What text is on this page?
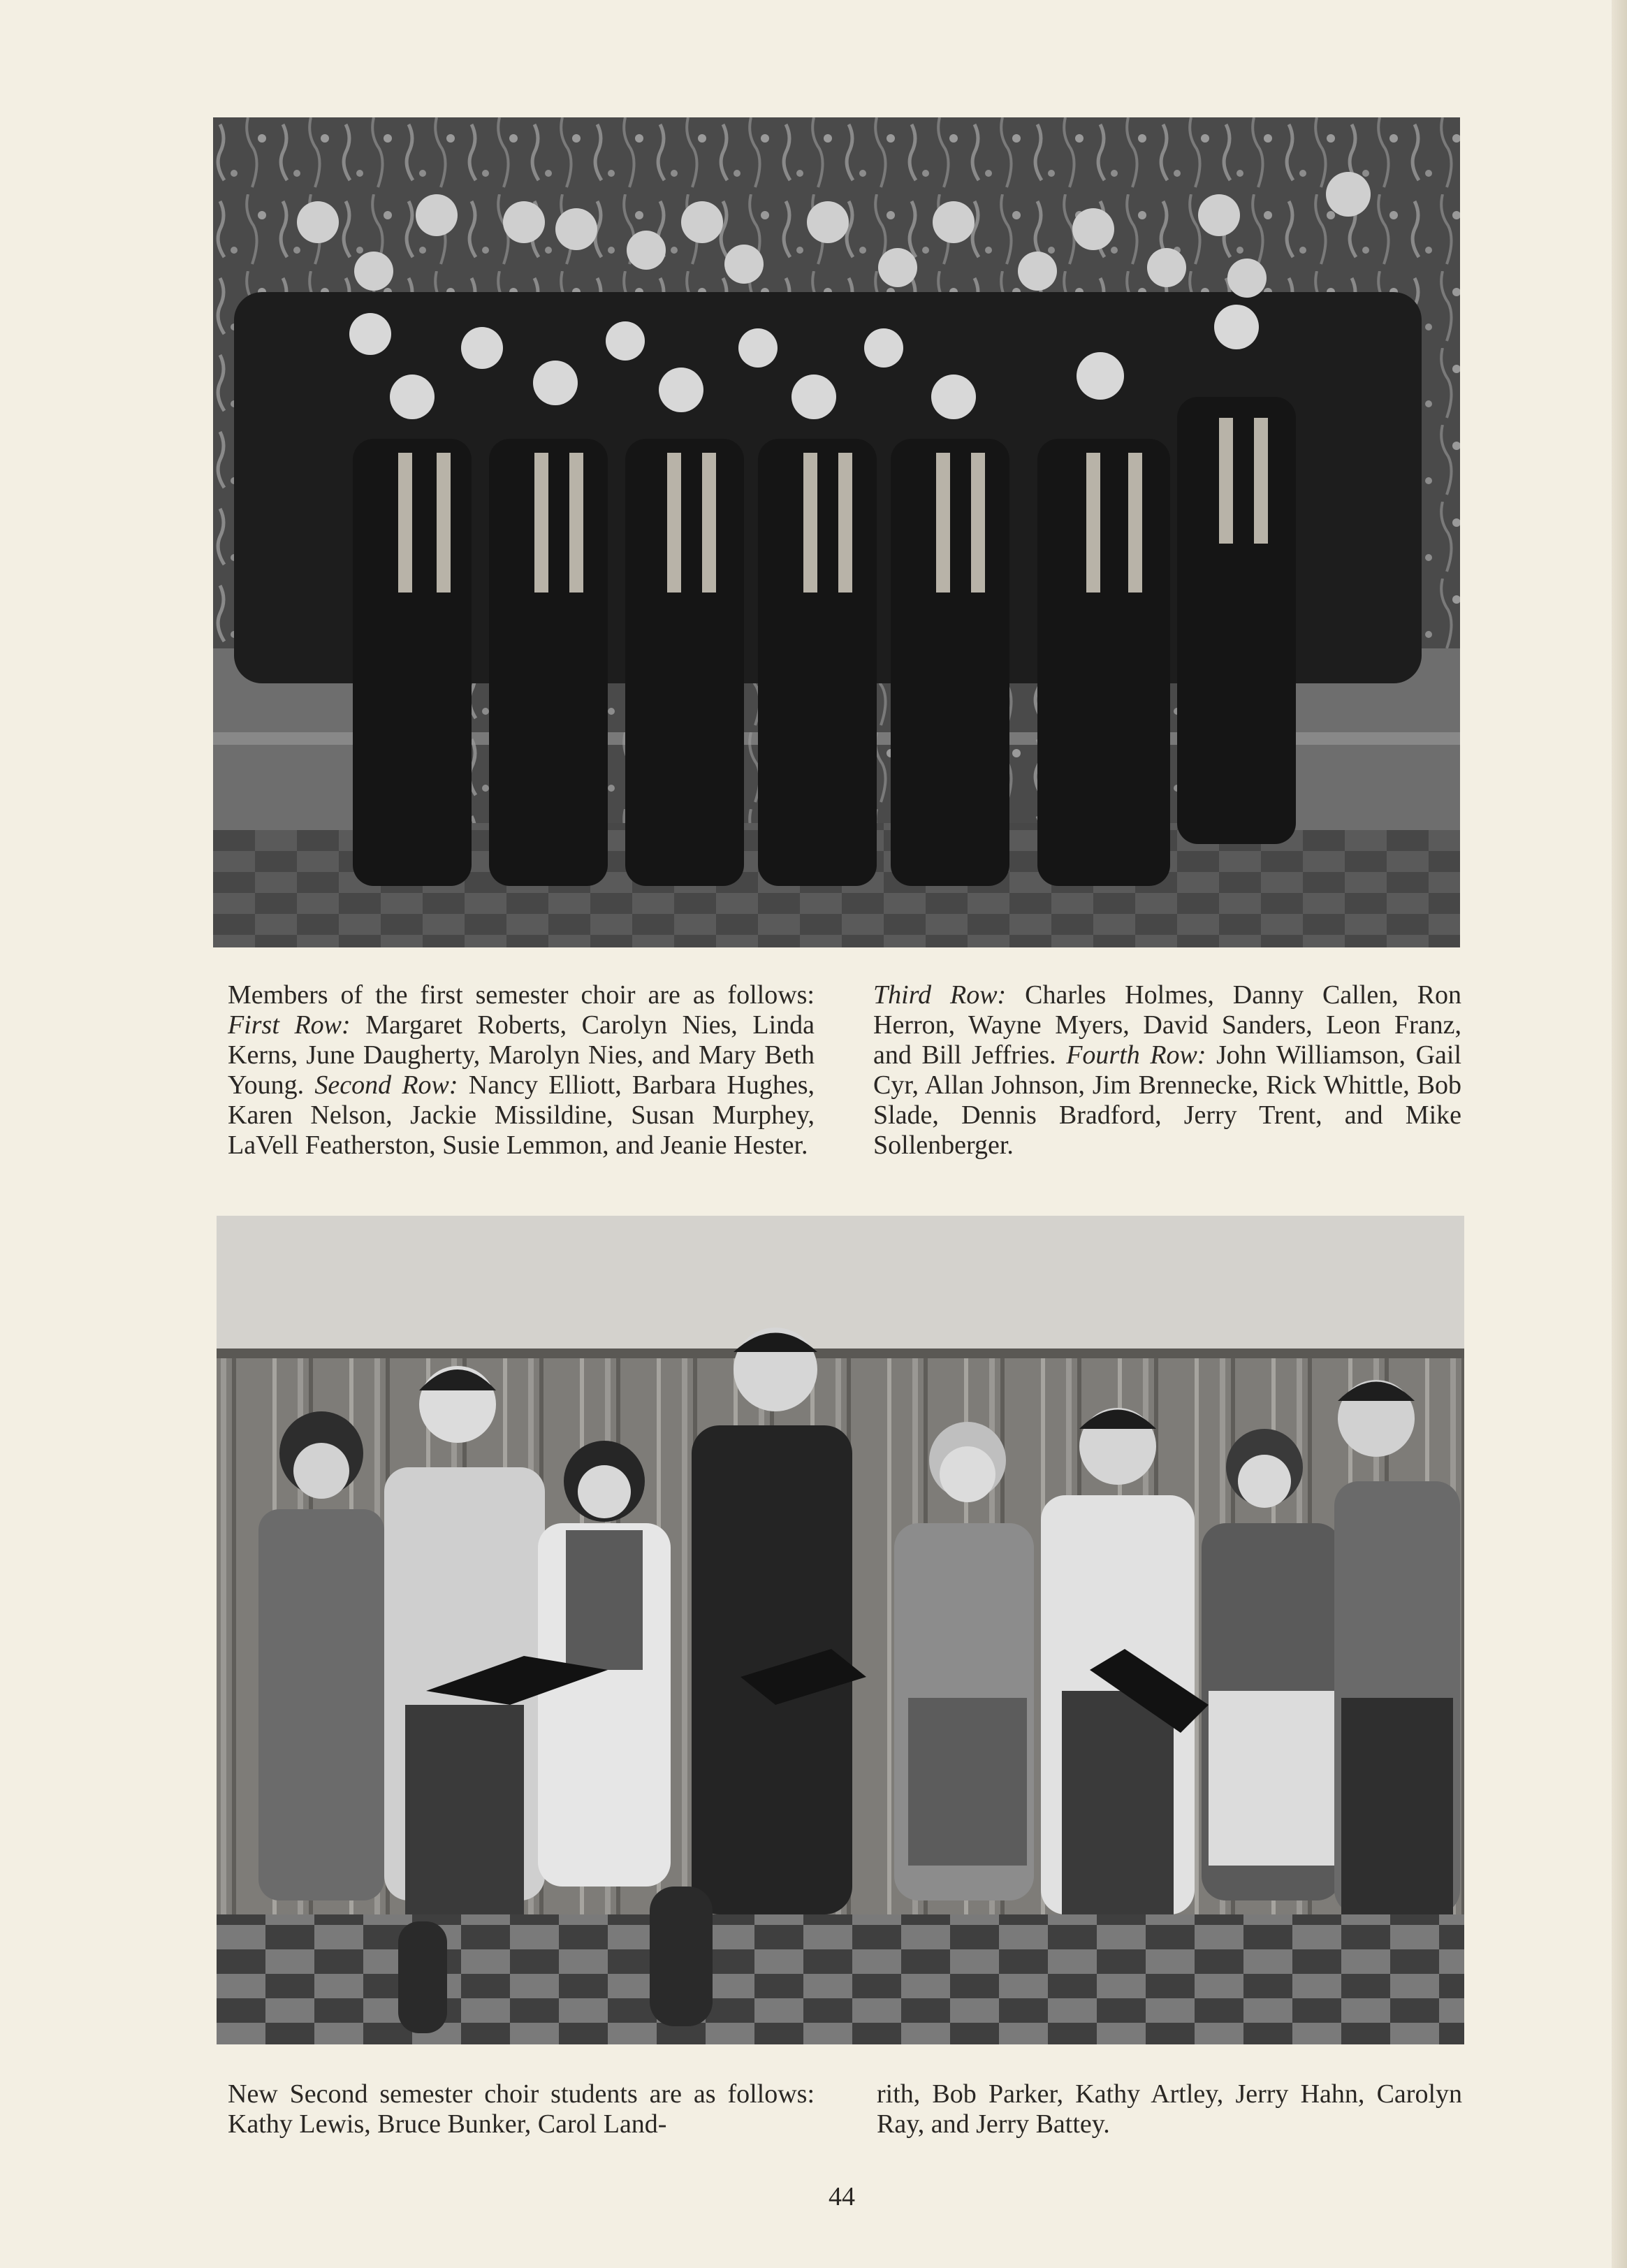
Members of the first semester choir are as follows: First Row: Margaret Roberts, Carolyn Nies, Linda Kerns, June Daugherty, Marolyn Nies, and Mary Beth Young. Second Row: Nancy Elliott, Barbara Hughes, Karen Nelson, Jackie Missildine, Susan Murphey, LaVell Featherston, Susie Lemmon, and Jeanie Hester.

Third Row: Charles Holmes, Danny Callen, Ron Herron, Wayne Myers, David Sanders, Leon Franz, and Bill Jeffries. Fourth Row: John Williamson, Gail Cyr, Allan Johnson, Jim Brennecke, Rick Whittle, Bob Slade, Dennis Bradford, Jerry Trent, and Mike Sollenberger.

New Second semester choir students are as follows: Kathy Lewis, Bruce Bunker, Carol Land-

rith, Bob Parker, Kathy Artley, Jerry Hahn, Carolyn Ray, and Jerry Battey.

44
